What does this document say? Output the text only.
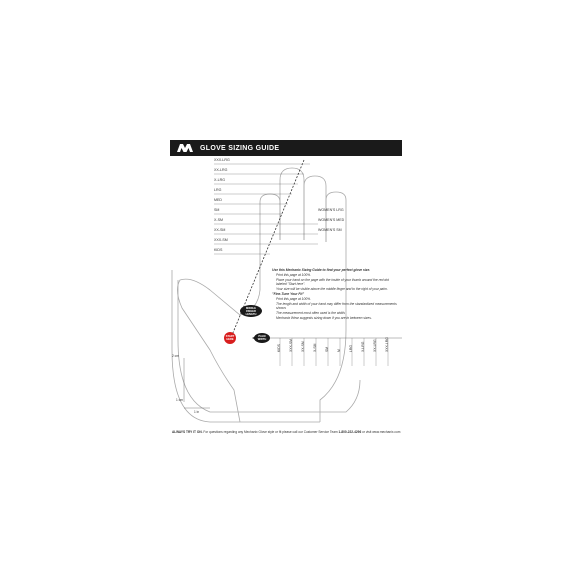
GLOVE SIZING GUIDE
XXX-LRG
XX-LRG
X-LRG
LRG
MED
SM
X-SM
XX-SM
XXX-SM
KIDS
WOMEN'S LRG
WOMEN'S MED
WOMEN'S SM
Use this Mechanix Sizing Guide to find your perfect glove size.
Print this page at 100%.
Place your hand on the page with the inside of your thumb around the red dot labeled "Start here".
Your size will be visible above the middle finger and to the right of your palm.
"Fine-Tune Your Fit"
Print this page at 100%.
The length and width of your hand may differ from the standardized measurements shown.
The measurement most often used is the width.
Mechanix Wear suggests sizing down if you are in between sizes.
MIDDLE FINGER LENGTH
START HERE
PALM WIDTH
KIDS XXX-SM XX-SM X-SM SM M LRG X-LRG XX-LRG XXX-LRG
2 cm
1 cm
1 in
ALWAYS TRY IT ON. For questions regarding any Mechanix Glove style or fit please call our Customer Service Team 1-800-222-4296 or visit www.mechanix.com
